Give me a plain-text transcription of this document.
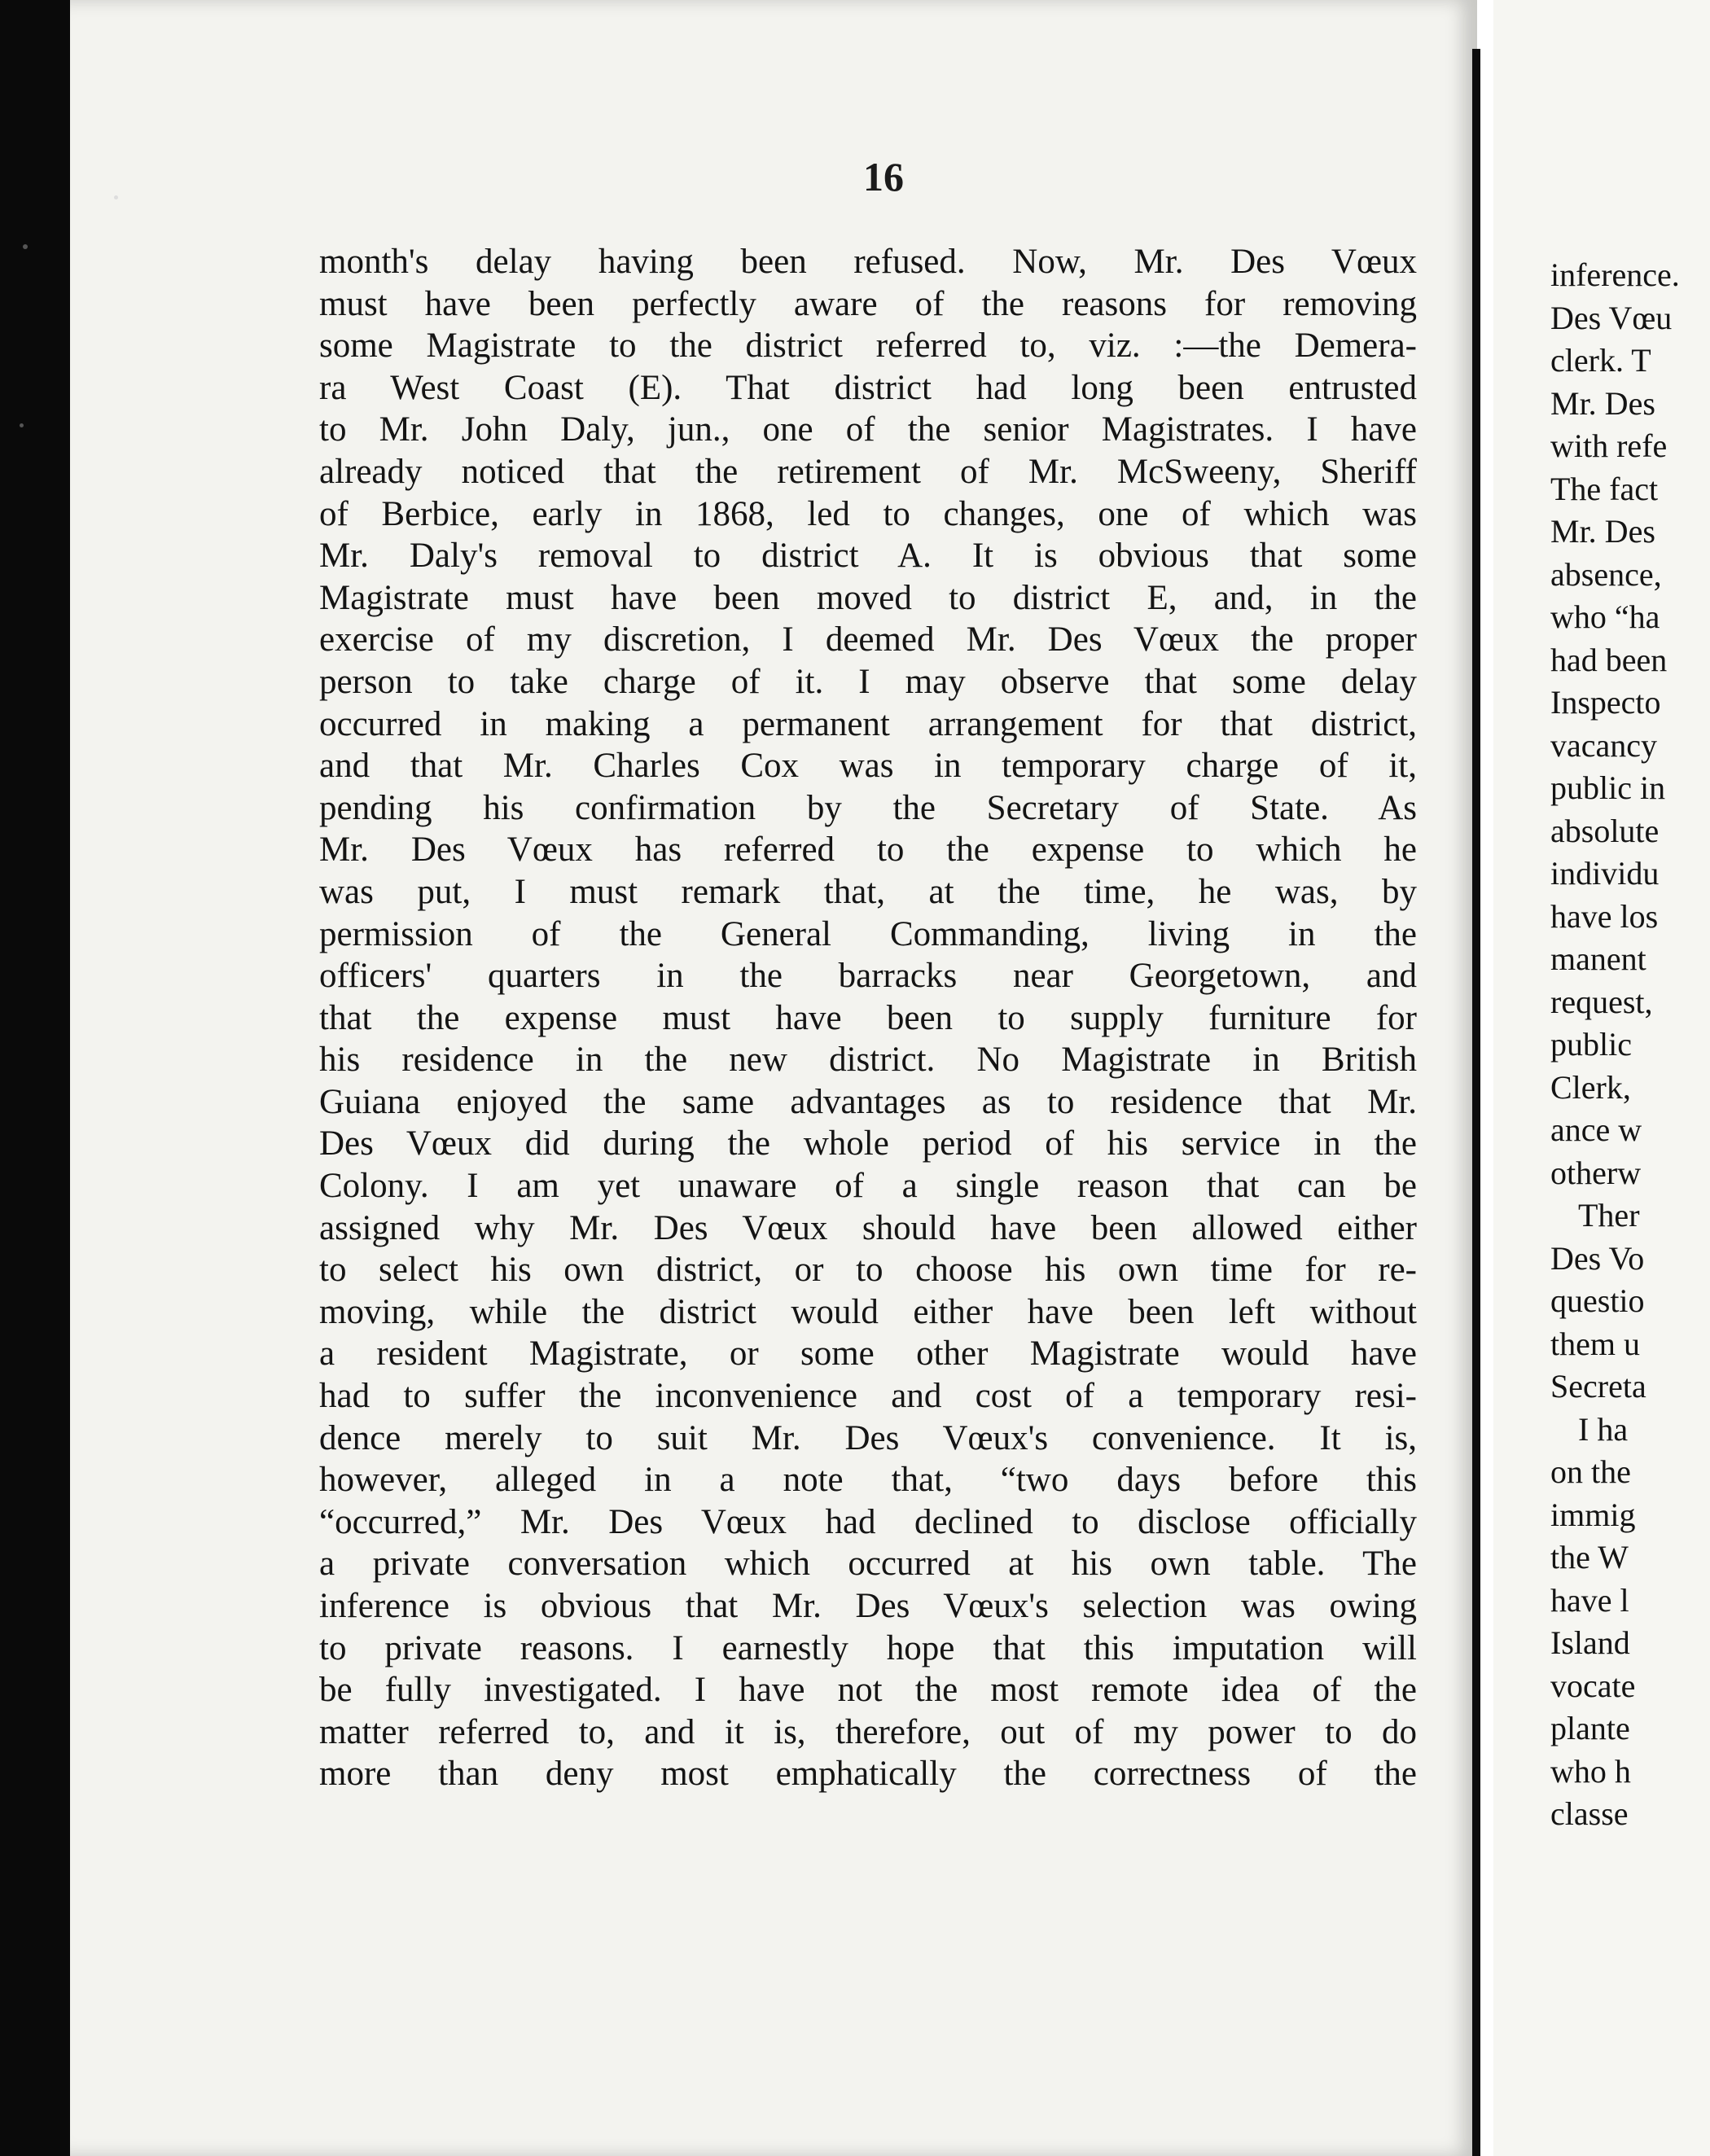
16
month's delay having been refused. Now, Mr. Des Vœux
must have been perfectly aware of the reasons for removing
some Magistrate to the district referred to, viz. :—the Demera-
ra West Coast (E). That district had long been entrusted
to Mr. John Daly, jun., one of the senior Magistrates. I have
already noticed that the retirement of Mr. McSweeny, Sheriff
of Berbice, early in 1868, led to changes, one of which was
Mr. Daly's removal to district A. It is obvious that some
Magistrate must have been moved to district E, and, in the
exercise of my discretion, I deemed Mr. Des Vœux the proper
person to take charge of it. I may observe that some delay
occurred in making a permanent arrangement for that district,
and that Mr. Charles Cox was in temporary charge of it,
pending his confirmation by the Secretary of State. As
Mr. Des Vœux has referred to the expense to which he
was put, I must remark that, at the time, he was, by
permission of the General Commanding, living in the
officers' quarters in the barracks near Georgetown, and
that the expense must have been to supply furniture for
his residence in the new district. No Magistrate in British
Guiana enjoyed the same advantages as to residence that Mr.
Des Vœux did during the whole period of his service in the
Colony. I am yet unaware of a single reason that can be
assigned why Mr. Des Vœux should have been allowed either
to select his own district, or to choose his own time for re-
moving, while the district would either have been left without
a resident Magistrate, or some other Magistrate would have
had to suffer the inconvenience and cost of a temporary resi-
dence merely to suit Mr. Des Vœux's convenience. It is,
however, alleged in a note that, “two days before this
“occurred,” Mr. Des Vœux had declined to disclose officially
a private conversation which occurred at his own table. The
inference is obvious that Mr. Des Vœux's selection was owing
to private reasons. I earnestly hope that this imputation will
be fully investigated. I have not the most remote idea of the
matter referred to, and it is, therefore, out of my power to do
more than deny most emphatically the correctness of the
inference.
Des Vœu
clerk. T
Mr. Des
with refe
The fact
Mr. Des
absence,
who “ha
had been
Inspecto
vacancy
public in
absolute
individu
have los
manent
request,
public
Clerk,
ance w
otherw
Ther
Des Vo
questio
them u
Secreta
I ha
on the
immig
the W
have l
Island
vocate
plante
who h
classe
